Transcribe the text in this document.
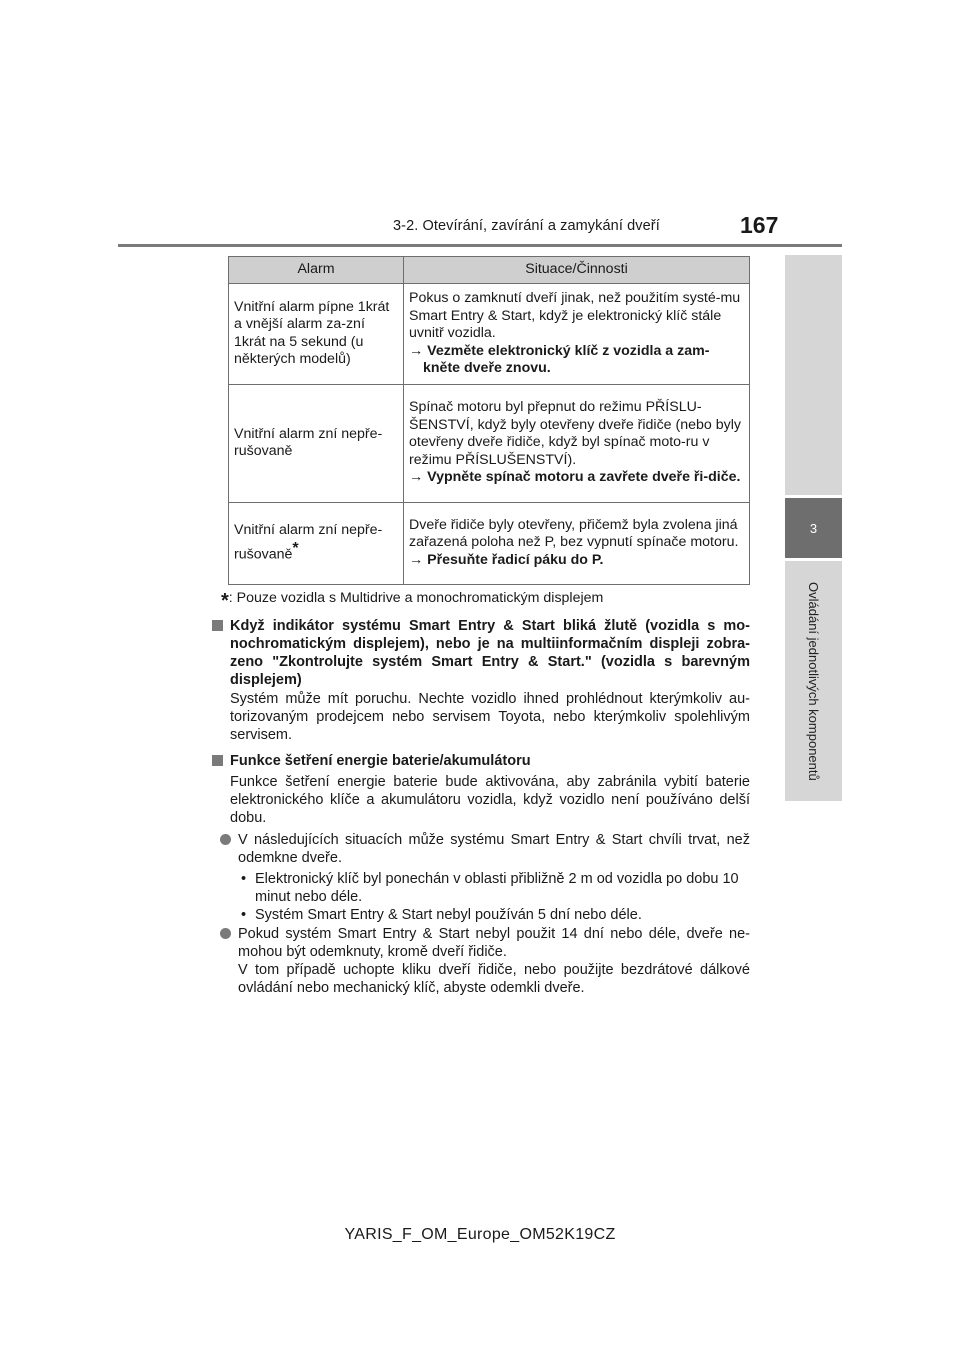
3-2. Otevírání, zavírání a zamykání dveří	167
3
Ovládání jednotlivých komponentů
Alarm	Situace/Činnosti
Vnitřní alarm pípne 1krát a vnější alarm za-zní 1krát na 5 sekund (u některých modelů)	Pokus o zamknutí dveří jinak, než použitím systé-mu Smart Entry & Start, když je elektronický klíč stále uvnitř vozidla.
→ Vezměte elektronický klíč z vozidla a zam-kněte dveře znovu.

Vnitřní alarm zní nepře-rušovaně	Spínač motoru byl přepnut do režimu PŘÍSLU-ŠENSTVÍ, když byly otevřeny dveře řidiče (nebo byly otevřeny dveře řidiče, když byl spínač moto-ru v režimu PŘÍSLUŠENSTVÍ).
→ Vypněte spínač motoru a zavřete dveře ři-diče.

Vnitřní alarm zní nepře-rušovaně*	Dveře řidiče byly otevřeny, přičemž byla zvolena jiná zařazená poloha než P, bez vypnutí spínače motoru.
→ Přesuňte řadicí páku do P.
*: Pouze vozidla s Multidrive a monochromatickým displejem
Když indikátor systému Smart Entry & Start bliká žlutě (vozidla s mo-nochromatickým displejem), nebo je na multiinformačním displeji zobra-zeno "Zkontrolujte systém Smart Entry & Start." (vozidla s barevným displejem)
Systém může mít poruchu. Nechte vozidlo ihned prohlédnout kterýmkoliv au-torizovaným prodejcem nebo servisem Toyota, nebo kterýmkoliv spolehlivým servisem.
Funkce šetření energie baterie/akumulátoru
Funkce šetření energie baterie bude aktivována, aby zabránila vybití baterie elektronického klíče a akumulátoru vozidla, když vozidlo není používáno delší dobu.
V následujících situacích může systému Smart Entry & Start chvíli trvat, než odemkne dveře.
• Elektronický klíč byl ponechán v oblasti přibližně 2 m od vozidla po dobu 10 minut nebo déle.
• Systém Smart Entry & Start nebyl používán 5 dní nebo déle.
Pokud systém Smart Entry & Start nebyl použit 14 dní nebo déle, dveře ne-mohou být odemknuty, kromě dveří řidiče.
V tom případě uchopte kliku dveří řidiče, nebo použijte bezdrátové dálkové ovládání nebo mechanický klíč, abyste odemkli dveře.
YARIS_F_OM_Europe_OM52K19CZ
